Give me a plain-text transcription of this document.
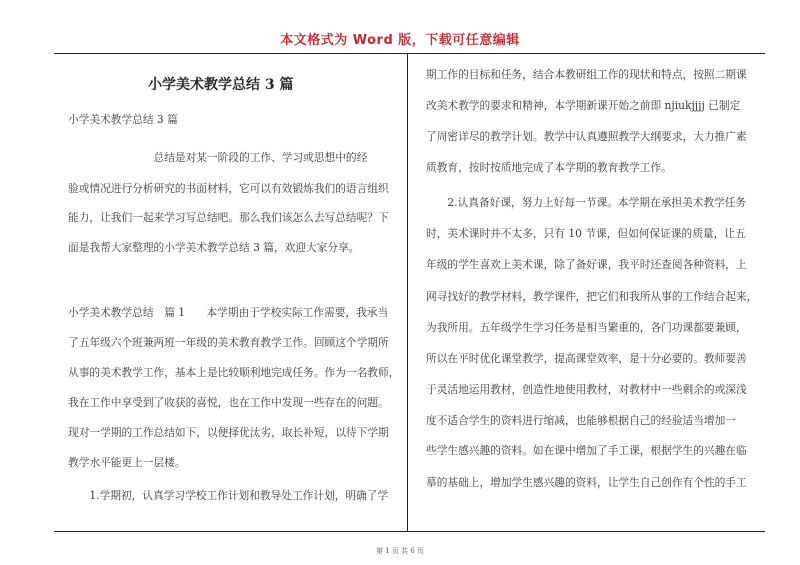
本文格式为 Word 版，下载可任意编辑
小学美术教学总结 3 篇

小学美术教学总结 3 篇

　　　　　　　　总结是对某一阶段的工作、学习或思想中的经

验或情况进行分析研究的书面材料，它可以有效锻炼我们的语言组织

能力，让我们一起来学习写总结吧。那么我们该怎么去写总结呢？下

面是我帮大家整理的小学美术教学总结 3 篇，欢迎大家分享。

小学美术教学总结　篇 1　　本学期由于学校实际工作需要，我承当

了五年级六个班兼两班一年级的美术教育教学工作。回顾这个学期所

从事的美术教学工作，基本上是比较顺利地完成任务。作为一名教师，

我在工作中享受到了收获的喜悦，也在工作中发现一些存在的问题。

现对一学期的工作总结如下，以便择优汰劣，取长补短，以待下学期

教学水平能更上一层楼。

　　1.学期初，认真学习学校工作计划和教导处工作计划，明确了学

期工作的目标和任务，结合本教研组工作的现状和特点，按照二期课

改美术教学的要求和精神，本学期新课开始之前即 njiukjjjj 已制定

了周密详尽的教学计划。教学中认真遵照教学大纲要求，大力推广素

质教育，按时按质地完成了本学期的教育教学工作。

　　2.认真备好课，努力上好每一节课。本学期在承担美术教学任务

时，美术课时并不太多，只有 10 节课，但如何保证课的质量，让五

年级的学生喜欢上美术课，除了备好课，我平时还查阅各种资料，上

网寻找好的教学材料，教学课件，把它们和我所从事的工作结合起来，

为我所用。五年级学生学习任务是相当繁重的，各门功课都要兼顾，

所以在平时优化课堂教学，提高课堂效率，是十分必要的。教师要善

于灵活地运用教材，创造性地使用教材，对教材中一些剩余的或深浅

度不适合学生的资料进行缩减，也能够根据自己的经验适当增加一

些学生感兴趣的资料。如在课中增加了手工课，根据学生的兴趣在临

摹的基础上，增加学生感兴趣的资料，让学生自己创作有个性的手工

第 1 页 共 6 页
